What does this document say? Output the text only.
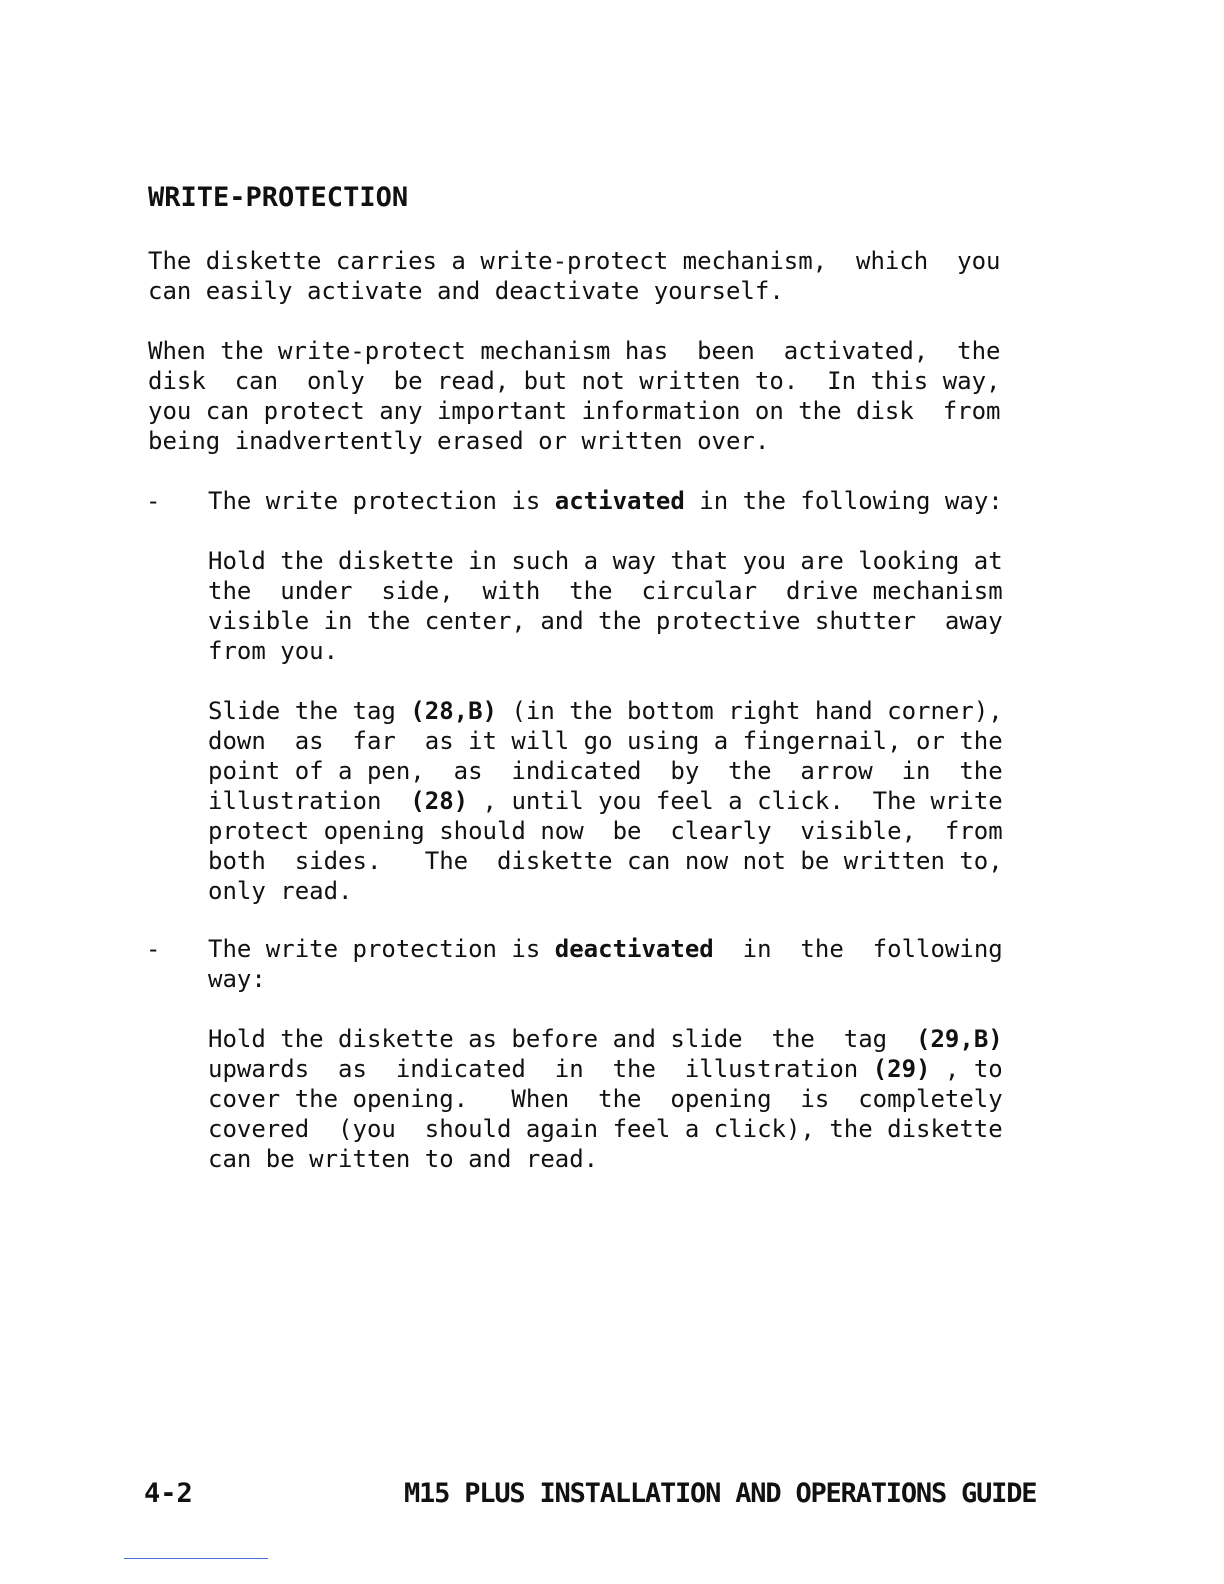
WRITE-PROTECTION
The diskette carries a write-protect mechanism,  which  you
can easily activate and deactivate yourself.
When the write-protect mechanism has  been  activated,  the
disk  can  only  be read, but not written to.  In this way,
you can protect any important information on the disk  from
being inadvertently erased or written over.
- The write protection is activated in the following way:
Hold the diskette in such a way that you are looking at
the  under  side,  with  the  circular  drive mechanism
visible in the center, and the protective shutter  away
from you.
Slide the tag (28,B) (in the bottom right hand corner),
down  as  far  as it will go using a fingernail, or the
point of a pen,  as  indicated  by  the  arrow  in  the
illustration  (28) , until you feel a click.  The write
protect opening should now  be  clearly  visible,  from
both  sides.   The  diskette can now not be written to,
only read.
- The write protection is deactivated  in  the  following
way:
Hold the diskette as before and slide  the  tag  (29,B)
upwards  as  indicated  in  the  illustration (29) , to
cover the opening.   When  the  opening  is  completely
covered  (you  should again feel a click), the diskette
can be written to and read.
4-2	M15 PLUS INSTALLATION AND OPERATIONS GUIDE
